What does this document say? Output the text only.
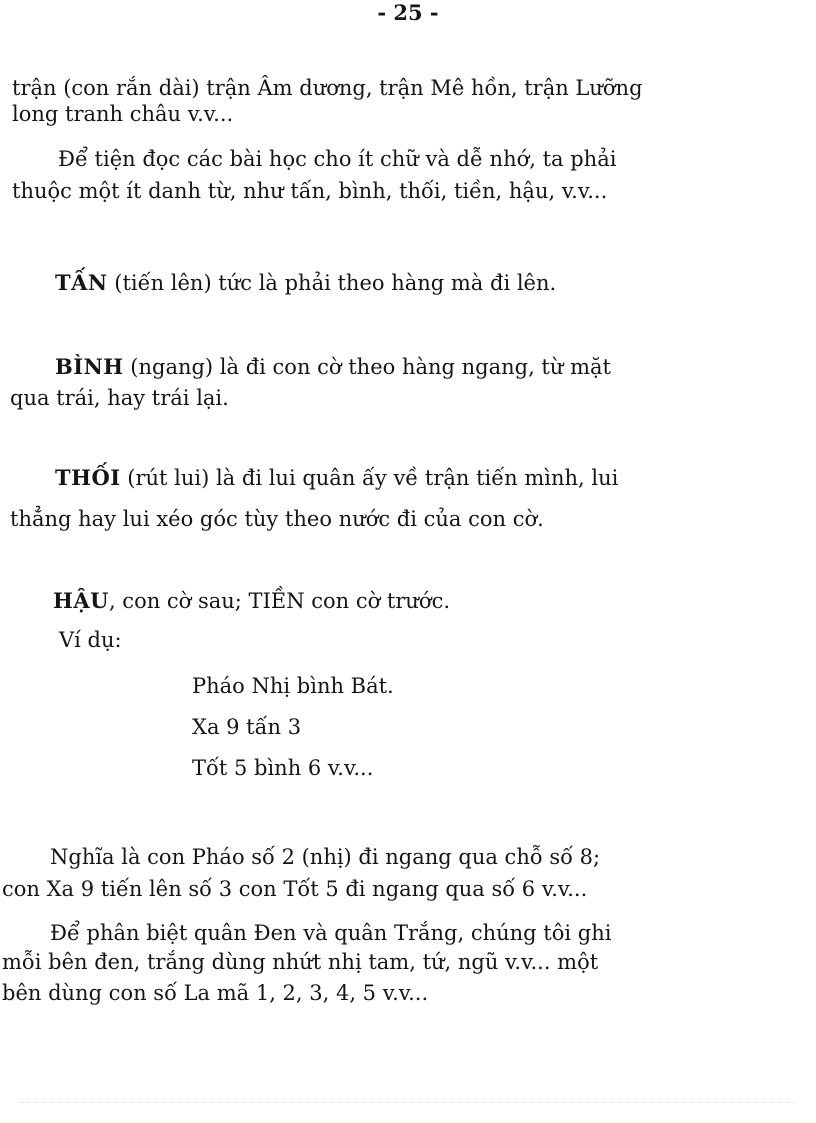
- 25 -
trận (con rắn dài) trận Âm dương, trận Mê hồn, trận Lưỡng
long tranh châu v.v...
Để tiện đọc các bài học cho ít chữ và dễ nhớ, ta phải
thuộc một ít danh từ, như tấn, bình, thối, tiền, hậu, v.v...
TẤN (tiến lên) tức là phải theo hàng mà đi lên.
BÌNH (ngang) là đi con cờ theo hàng ngang, từ mặt
qua trái, hay trái lại.
THỐI (rút lui) là đi lui quân ấy về trận tiến mình, lui
thẳng hay lui xéo góc tùy theo nước đi của con cờ.
HẬU, con cờ sau; TIỀN con cờ trước.
Ví dụ:
Pháo Nhị bình Bát.
Xa 9 tấn 3
Tốt 5 bình 6 v.v...
Nghĩa là con Pháo số 2 (nhị) đi ngang qua chỗ số 8;
con Xa 9 tiến lên số 3 con Tốt 5 đi ngang qua số 6 v.v...
Để phân biệt quân Đen và quân Trắng, chúng tôi ghi
mỗi bên đen, trắng dùng nhứt nhị tam, tứ, ngũ v.v... một
bên dùng con số La mã 1, 2, 3, 4, 5 v.v...
